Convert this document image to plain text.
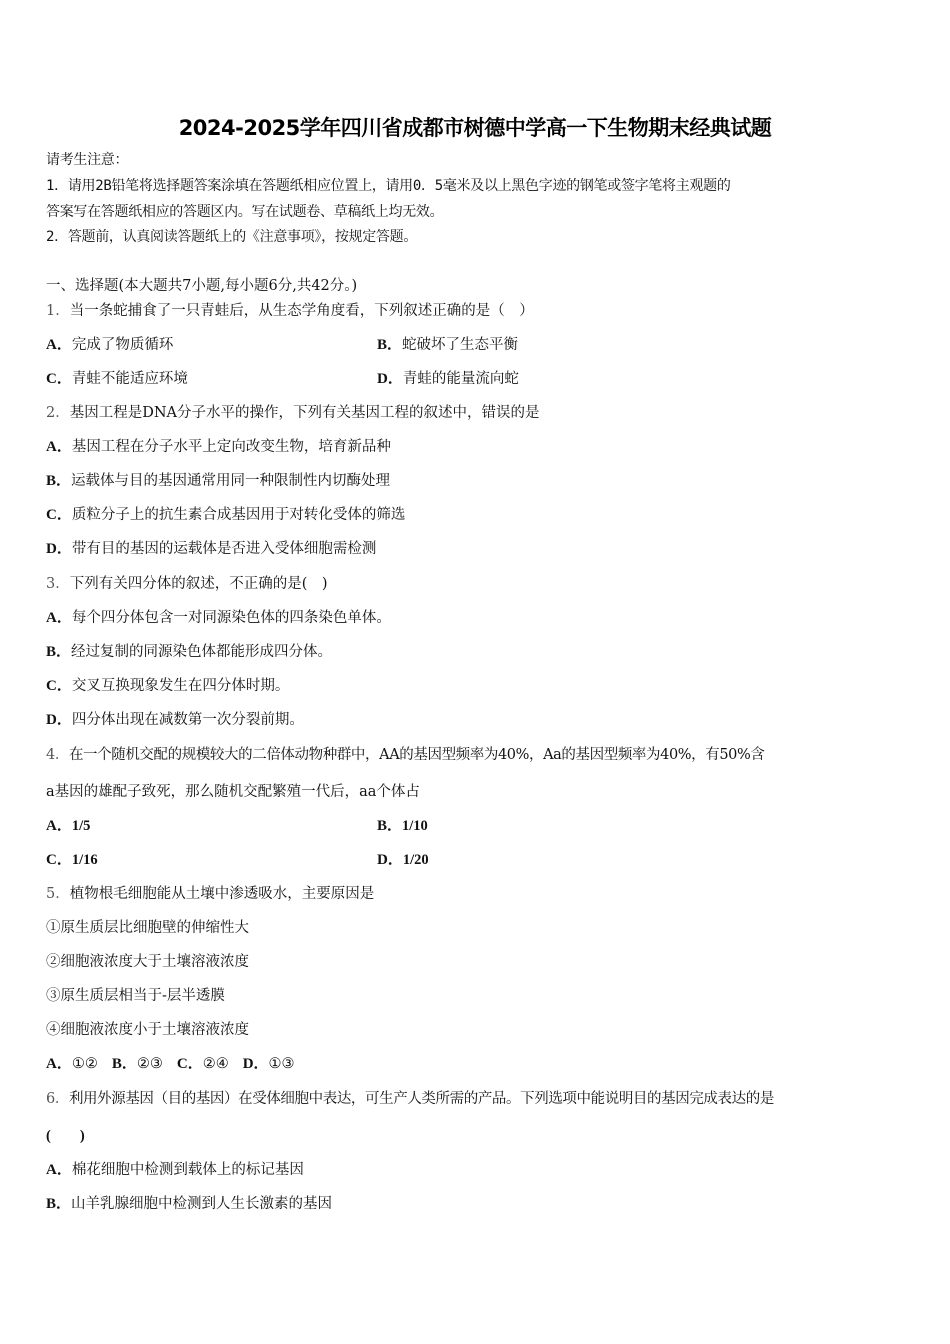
2024-2025学年四川省成都市树德中学高一下生物期末经典试题
请考生注意：
1．请用2B铅笔将选择题答案涂填在答题纸相应位置上，请用0．5毫米及以上黑色字迹的钢笔或签字笔将主观题的
答案写在答题纸相应的答题区内。写在试题卷、草稿纸上均无效。
2．答题前，认真阅读答题纸上的《注意事项》，按规定答题。
一、选择题(本大题共7小题,每小题6分,共42分。)
1．当一条蛇捕食了一只青蛙后，从生态学角度看，下列叙述正确的是（　）
A．完成了物质循环	B．蛇破坏了生态平衡
C．青蛙不能适应环境	D．青蛙的能量流向蛇
2．基因工程是DNA分子水平的操作，下列有关基因工程的叙述中，错误的是
A．基因工程在分子水平上定向改变生物，培育新品种
B．运载体与目的基因通常用同一种限制性内切酶处理
C．质粒分子上的抗生素合成基因用于对转化受体的筛选
D．带有目的基因的运载体是否进入受体细胞需检测
3．下列有关四分体的叙述，不正确的是(　)
A．每个四分体包含一对同源染色体的四条染色单体。
B．经过复制的同源染色体都能形成四分体。
C．交叉互换现象发生在四分体时期。
D．四分体出现在减数第一次分裂前期。
4．在一个随机交配的规模较大的二倍体动物种群中，AA的基因型频率为40%，Aa的基因型频率为40%，有50%含
a基因的雄配子致死，那么随机交配繁殖一代后，aa个体占
A．1/5	B．1/10
C．1/16	D．1/20
5．植物根毛细胞能从土壤中渗透吸水，主要原因是
①原生质层比细胞壁的伸缩性大
②细胞液浓度大于土壤溶液浓度
③原生质层相当于-层半透膜
④细胞液浓度小于土壤溶液浓度
A．①② B．②③ C．②④ D．①③
6．利用外源基因（目的基因）在受体细胞中表达，可生产人类所需的产品。下列选项中能说明目的基因完成表达的是
(　　)
A．棉花细胞中检测到载体上的标记基因
B．山羊乳腺细胞中检测到人生长激素的基因
